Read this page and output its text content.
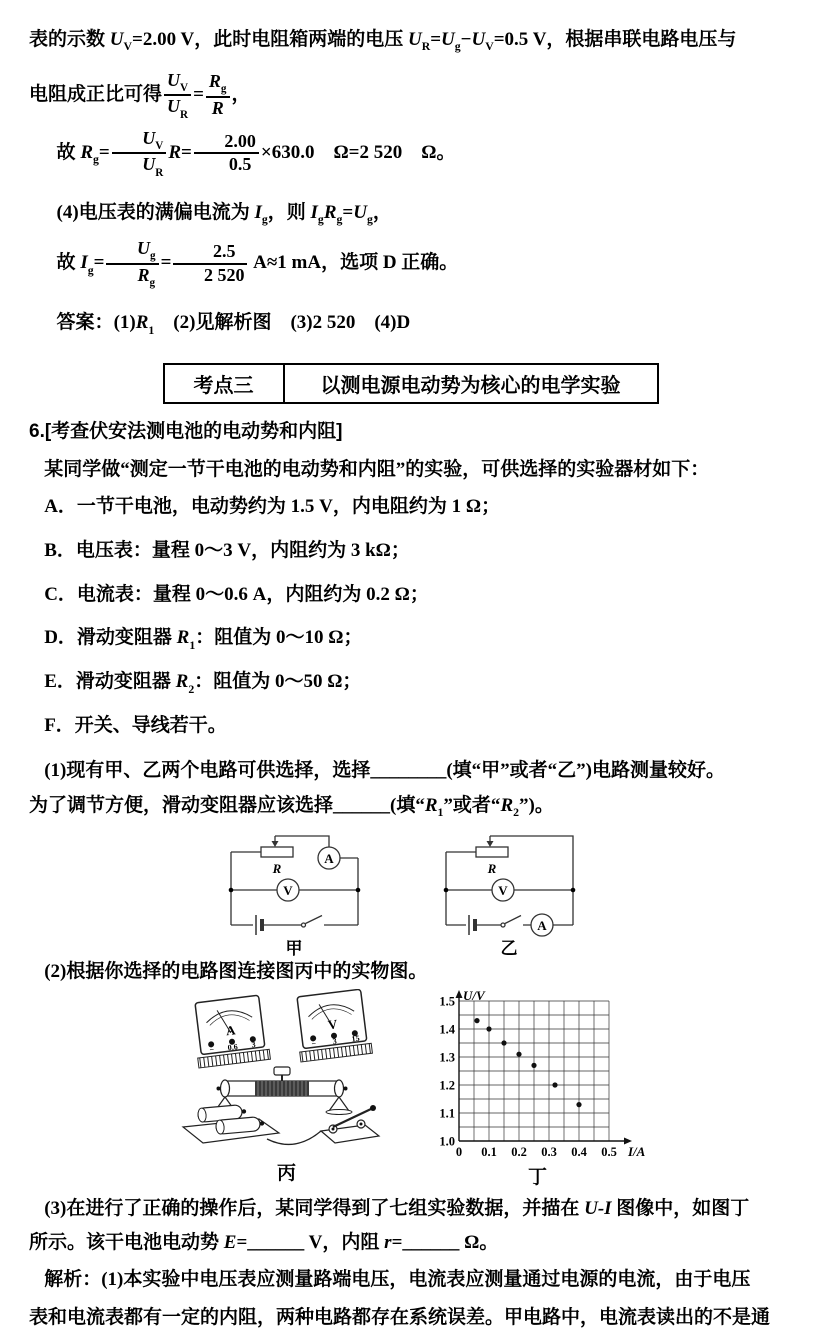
表的示数 $U_V=2.00$ V，此时电阻箱两端的电压 $U_R=U_g-U_V=0.5$ V，根据串联电路电压与

电阻成正比可得 $\frac{U_V}{U_R} = \frac{R_g}{R}$ ，

故 $R_g= \frac{U_V}{U_R} R= \frac{2.00}{0.5} \times 630.0$　Ω=2 520　Ω。

(4)电压表的满偏电流为 $I_g$，则 $I_gR_g=U_g$，

故 $I_g= \frac{U_g}{R_g} = \frac{2.5}{2 520} A\approx 1$ mA，选项 D 正确。

答案：$(1)R_1$　(2)见解析图　(3)2 520　(4)D

考点三	以测电源电动势为核心的电学实验

6.[考查伏安法测电池的电动势和内阻]

某同学做“测定一节干电池的电动势和内阻”的实验，可供选择的实验器材如下：

A．一节干电池，电动势约为 1.5 V，内电阻约为 1 Ω；

B．电压表：量程 0～3 V，内阻约为 3 kΩ；

C．电流表：量程 0～0.6 A，内阻约为 0.2 Ω；

D．滑动变阻器 $R_1$：阻值为 0～10 Ω；

E．滑动变阻器 $R_2$：阻值为 0～50 Ω；

F．开关、导线若干。

(1)现有甲、乙两个电路可供选择，选择________(填“甲”或者“乙”)电路测量较好。

为了调节方便，滑动变阻器应该选择______(填“$R_1$”或者“$R_2$”)。

A
V
R
甲
V
A
R
乙

(2)根据你选择的电路图连接图丙中的实物图。

A
− 0.6 3
V
− 3 15
丙
0 0.1 0.2 0.3 0.4 0.5
1.0
1.1
1.2
1.3
1.4
1.5 U/V
I/A
丁

(3)在进行了正确的操作后，某同学得到了七组实验数据，并描在 U-I 图像中，如图丁

所示。该干电池电动势 E=______ V，内阻 r=______ Ω。

解析：(1)本实验中电压表应测量路端电压，电流表应测量通过电源的电流，由于电压

表和电流表都有一定的内阻，两种电路都存在系统误差。甲电路中，电流表读出的不是通
